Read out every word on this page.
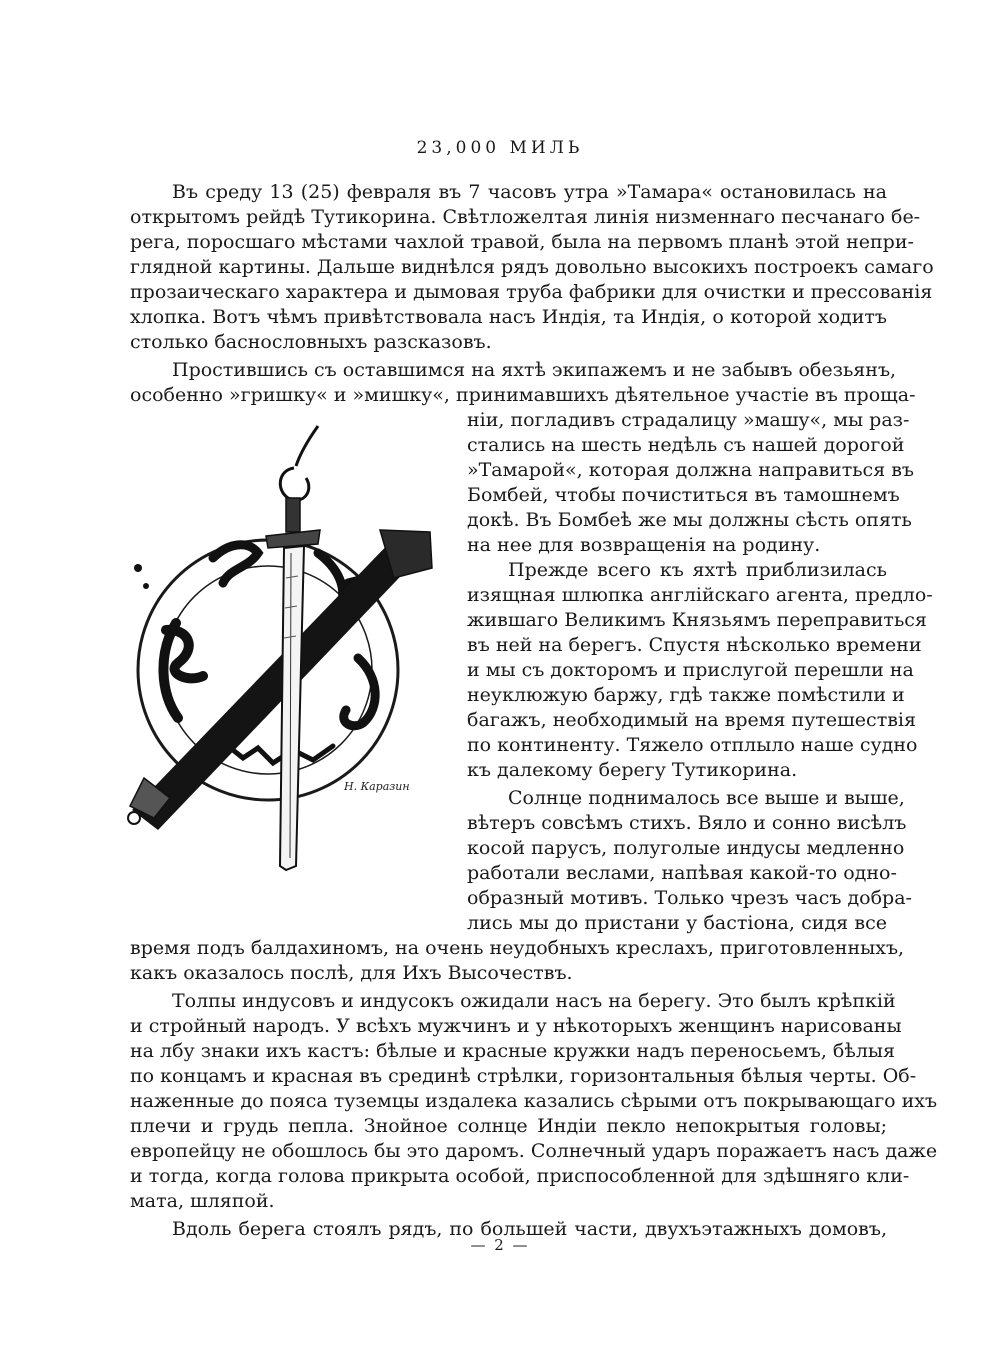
23,000 МИЛЬ
Въ среду 13 (25) февраля въ 7 часовъ утра »Тамара« остановилась на
открытомъ рейдѣ Тутикорина. Свѣтложелтая линія низменнаго песчанаго бе-
рега, поросшаго мѣстами чахлой травой, была на первомъ планѣ этой непри-
глядной картины. Дальше виднѣлся рядъ довольно высокихъ построекъ самаго
прозаическаго характера и дымовая труба фабрики для очистки и прессованія
хлопка. Вотъ чѣмъ привѣтствовала насъ Индія, та Индія, о которой ходитъ
столько баснословныхъ разсказовъ.
Простившись съ оставшимся на яхтѣ экипажемъ и не забывъ обезьянъ,
особенно »гришку« и »мишку«, принимавшихъ дѣятельное участіе въ проща-
ніи, погладивъ страдалицу »машу«, мы раз-
стались на шесть недѣль съ нашей дорогой
»Тамарой«, которая должна направиться въ
Бомбей, чтобы почиститься въ тамошнемъ
докѣ. Въ Бомбеѣ же мы должны сѣсть опять
на нее для возвращенія на родину.
Прежде всего къ яхтѣ приблизилась
изящная шлюпка англійскаго агента, предло-
жившаго Великимъ Князьямъ переправиться
въ ней на берегъ. Спустя нѣсколько времени
и мы съ докторомъ и прислугой перешли на
неуклюжую баржу, гдѣ также помѣстили и
багажъ, необходимый на время путешествія
по континенту. Тяжело отплыло наше судно
къ далекому берегу Тутикорина.
Солнце поднималось все выше и выше,
вѣтеръ совсѣмъ стихъ. Вяло и сонно висѣлъ
косой парусъ, полуголые индусы медленно
работали веслами, напѣвая какой-то одно-
образный мотивъ. Только чрезъ часъ добра-
лись мы до пристани у бастіона, сидя все
время подъ балдахиномъ, на очень неудобныхъ креслахъ, приготовленныхъ,
какъ оказалось послѣ, для Ихъ Высочествъ.
Толпы индусовъ и индусокъ ожидали насъ на берегу. Это былъ крѣпкій
и стройный народъ. У всѣхъ мужчинъ и у нѣкоторыхъ женщинъ нарисованы
на лбу знаки ихъ кастъ: бѣлые и красные кружки надъ переносьемъ, бѣлыя
по концамъ и красная въ срединѣ стрѣлки, горизонтальныя бѣлыя черты. Об-
наженные до пояса туземцы издалека казались сѣрыми отъ покрывающаго ихъ
плечи и грудь пепла. Знойное солнце Индіи пекло непокрытыя головы;
европейцу не обошлось бы это даромъ. Солнечный ударъ поражаетъ насъ даже
и тогда, когда голова прикрыта особой, приспособленной для здѣшняго кли-
мата, шляпой.
Вдоль берега стоялъ рядъ, по большей части, двухъэтажныхъ домовъ,
Н. Каразин
— 2 —
